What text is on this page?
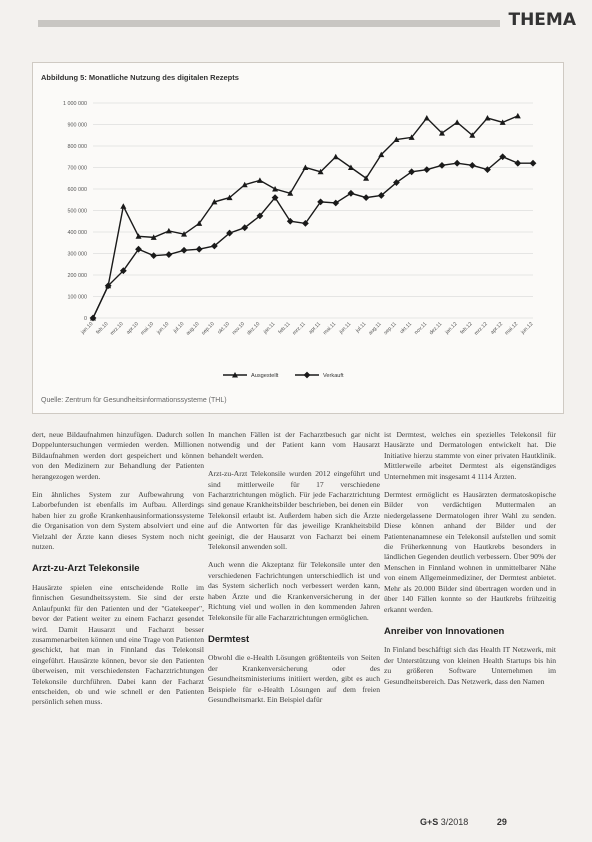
THEMA
1 000 000
900 000
800 000
700 000
600 000
500 000
400 000
300 000
200 000
100 000
0
jan.10 feb.10 mrz.10 apr.10 mai.10 jun.10 jul.10 aug.10 sep.10 okt.10 nov.10 dez.10 jan.11 feb.11 mrz.11 apr.11 mai.11 jun.11 jul.11 aug.11 sep.11 okt.11 nov.11 dez.11 jan.12 feb.12 mrz.12 apr.12 mai.12 jun.12
Ausgestellt	Verkauft
Abbildung 5: Monatliche Nutzung des digitalen Rezepts
Quelle: Zentrum für Gesundheitsinformationssysteme (THL)

dert, neue Bildaufnahmen hinzufügen. Dadurch sollen Doppeluntersuchungen vermieden werden. Millionen Bildaufnahmen werden dort gespeichert und können von den Medizinern zur Behandlung der Patienten herangezogen werden.

Ein ähnliches System zur Aufbewahrung von Laborbefunden ist ebenfalls im Aufbau. Allerdings haben hier zu große Krankenhausinformationssysteme die Organisation von dem System absolviert und eine Vielzahl der Ärzte kann dieses System noch nicht nutzen.

Arzt-zu-Arzt Telekonsile

Hausärzte spielen eine entscheidende Rolle im finnischen Gesundheitssystem. Sie sind der erste Anlaufpunkt für den Patienten und der "Gatekeeper", bevor der Patient weiter zu einem Facharzt gesendet wird. Damit Hausarzt und Facharzt besser zusammenarbeiten können und eine Trage von Patienten geschickt, hat man in Finnland das Telekonsil eingeführt. Hausärzte können, bevor sie den Patienten überweisen, mit verschiedensten Facharztrichtungen Telekonsile durchführen. Dabei kann der Facharzt entscheiden, ob und wie schnell er den Patienten persönlich sehen muss.

In manchen Fällen ist der Facharztbesuch gar nicht notwendig und der Patient kann vom Hausarzt behandelt werden.

Arzt-zu-Arzt Telekonsile wurden 2012 eingeführt und sind mittlerweile für 17 verschiedene Facharztrichtungen möglich. Für jede Facharztrichtung sind genaue Krankheitsbilder beschrieben, bei denen ein Telekonsil erlaubt ist. Außerdem haben sich die Ärzte auf die Antworten für das jeweilige Krankheitsbild geeinigt, die der Hausarzt von Facharzt bei einem Telekonsil anwenden soll.

Auch wenn die Akzeptanz für Telekonsile unter den verschiedenen Fachrichtungen unterschiedlich ist und das System sicherlich noch verbessert werden kann, haben Ärzte und die Krankenversicherung in der Richtung viel und wollen in den kommenden Jahren Telekonsile für alle Facharztrichtungen ermöglichen.

Dermtest

Obwohl die e-Health Lösungen größtenteils von Seiten der Krankenversicherung oder des Gesundheitsministeriums initiiert werden, gibt es auch Beispiele für e-Health Lösungen auf dem freien Gesundheitsmarkt. Ein Beispiel dafür

ist Dermtest, welches ein spezielles Telekonsil für Hausärzte und Dermatologen entwickelt hat. Die Initiative hierzu stammte von einer privaten Hautklinik. Mittlerweile arbeitet Dermtest als eigenständiges Unternehmen mit insgesamt 4 1114 Ärzten.

Dermtest ermöglicht es Hausärzten dermatoskopische Bilder von verdächtigen Muttermalen an niedergelassene Dermatologen ihrer Wahl zu senden. Diese können anhand der Bilder und der Patientenanamnese ein Telekonsil aufstellen und somit die Früherkennung von Hautkrebs besonders in ländlichen Gegenden deutlich verbessern. Über 90% der Menschen in Finnland wohnen in unmittelbarer Nähe von einem Allgemeinmediziner, der Dermtest anbietet. Mehr als 20.000 Bilder sind übertragen worden und in über 140 Fällen konnte so der Hautkrebs frühzeitig erkannt werden.

Anreiber von Innovationen

In Finland beschäftigt sich das Health IT Netzwerk, mit der Unterstützung von kleinen Health Startups bis hin zu größeren Software Unternehmen im Gesundheitsbereich. Das Netzwerk, dass den Namen

G+S 3/2018	29
